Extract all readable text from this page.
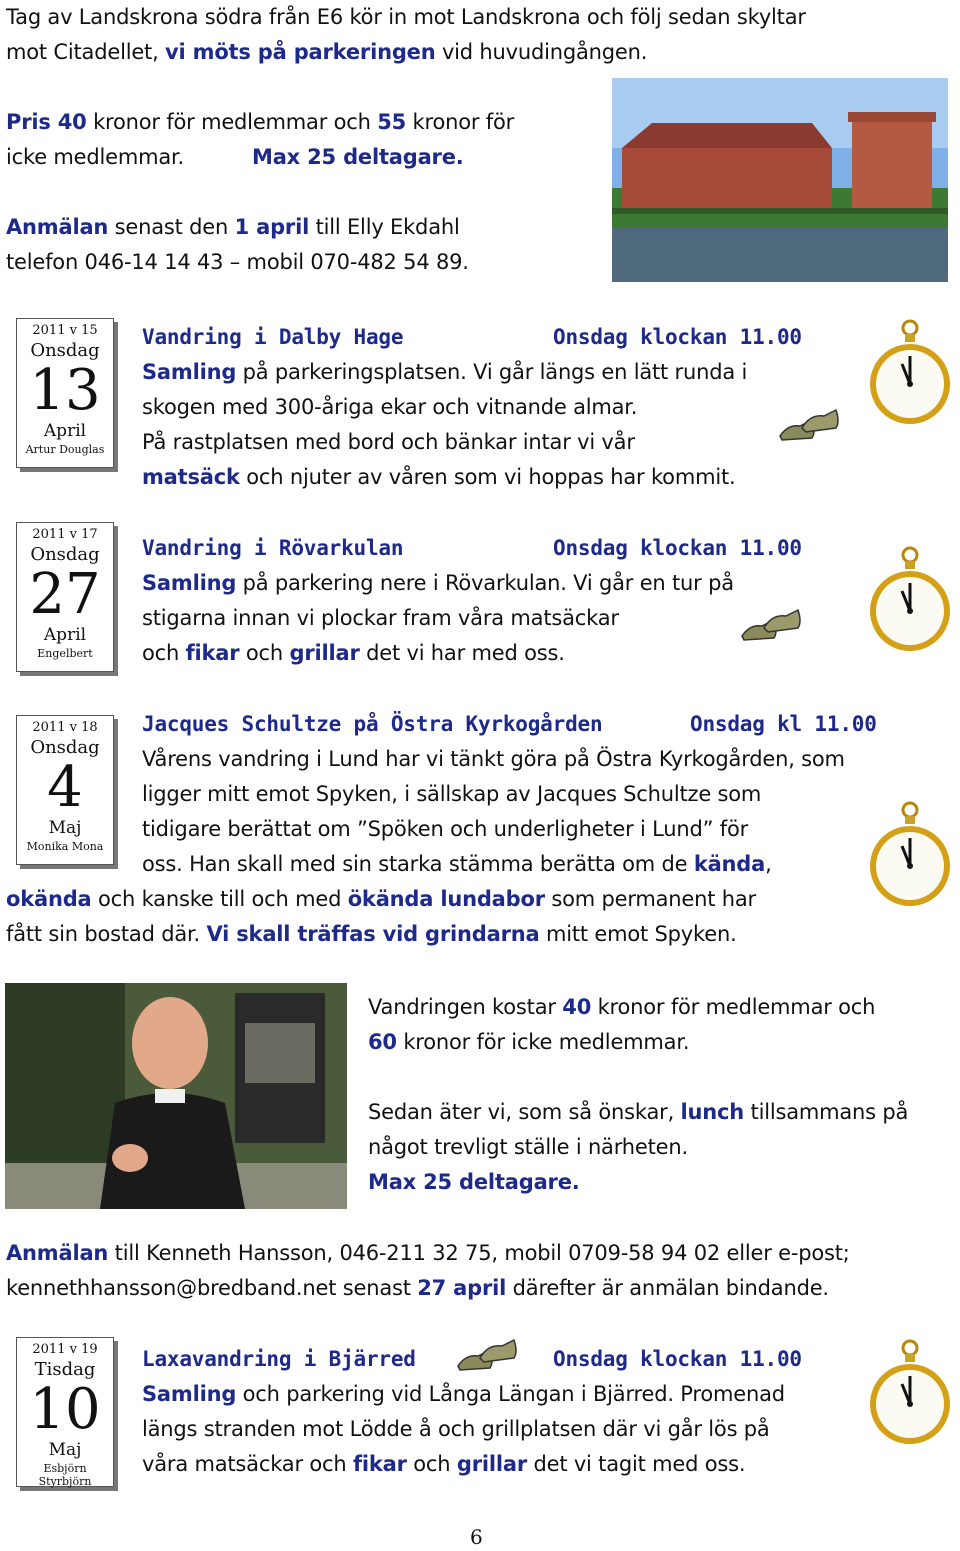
Tag av Landskrona södra från E6 kör in mot Landskrona och följ sedan skyltar
mot Citadellet, vi möts på parkeringen vid huvudingången.
Pris 40 kronor för medlemmar och 55 kronor för
icke medlemmar.	Max 25 deltagare.
Anmälan senast den 1 april till Elly Ekdahl
telefon 046-14 14 43 – mobil 070-482 54 89.
2011 v 15
Onsdag
13
April
Artur Douglas
Vandring i Dalby Hage	Onsdag klockan 11.00
Samling på parkeringsplatsen. Vi går längs en lätt runda i
skogen med 300-åriga ekar och vitnande almar.
På rastplatsen med bord och bänkar intar vi vår
matsäck och njuter av våren som vi hoppas har kommit.
2011 v 17
Onsdag
27
April
Engelbert
Vandring i Rövarkulan	Onsdag klockan 11.00
Samling på parkering nere i Rövarkulan. Vi går en tur på
stigarna innan vi plockar fram våra matsäckar
och fikar och grillar det vi har med oss.
2011 v 18
Onsdag
4
Maj
Monika Mona
Jacques Schultze på Östra Kyrkogården	Onsdag kl 11.00
Vårens vandring i Lund har vi tänkt göra på Östra Kyrkogården, som
ligger mitt emot Spyken, i sällskap av Jacques Schultze som
tidigare berättat om ”Spöken och underligheter i Lund” för
oss. Han skall med sin starka stämma berätta om de kända,
okända och kanske till och med ökända lundabor som permanent har
fått sin bostad där. Vi skall träffas vid grindarna mitt emot Spyken.
Vandringen kostar 40 kronor för medlemmar och
60 kronor för icke medlemmar.
Sedan äter vi, som så önskar, lunch tillsammans på
något trevligt ställe i närheten.
Max 25 deltagare.
Anmälan till Kenneth Hansson, 046-211 32 75, mobil 0709-58 94 02 eller e-post;
kennethhansson@bredband.net senast 27 april därefter är anmälan bindande.
2011 v 19
Tisdag
10
Maj
Esbjörn Styrbjörn
Laxavandring i Bjärred	Onsdag klockan 11.00
Samling och parkering vid Långa Längan i Bjärred. Promenad
längs stranden mot Lödde å och grillplatsen där vi går lös på
våra matsäckar och fikar och grillar det vi tagit med oss.
6
